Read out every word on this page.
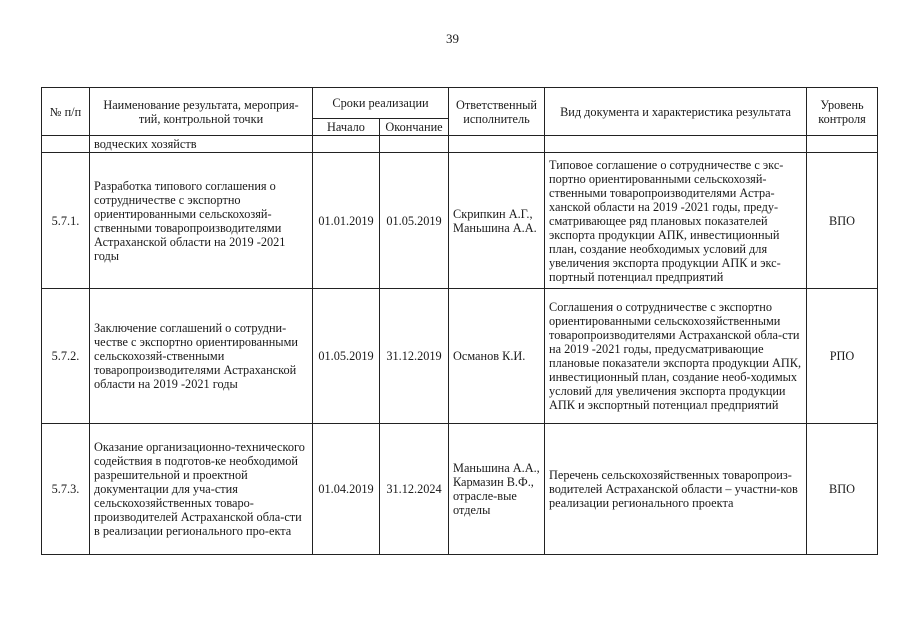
39
№ п/п	Наименование результата, мероприя-тий, контрольной точки	Сроки реализации		Ответственный исполнитель	Вид документа и характеристика результата	Уровень контроля
		Начало	Окончание			
	водческих хозяйств					
5.7.1.	Разработка типового соглашения о сотрудничестве с экспортно ориентированными сельскохозяй-ственными товаропроизводителями Астраханской области на 2019 -2021 годы	01.01.2019	01.05.2019	Скрипкин А.Г., Маньшина А.А.	Типовое соглашение о сотрудничестве с экс-портно ориентированными сельскохозяй-ственными товаропроизводителями Астра-ханской области на 2019 -2021 годы, преду-сматривающее ряд плановых показателей экспорта продукции АПК, инвестиционный план, создание необходимых условий для увеличения экспорта продукции АПК и экс-портный потенциал предприятий	ВПО
5.7.2.	Заключение соглашений о сотрудни-честве с экспортно ориентированными сельскохозяй-ственными товаропроизводителями Астраханской области на 2019 -2021 годы	01.05.2019	31.12.2019	Османов К.И.	Соглашения о сотрудничестве с экспортно ориентированными сельскохозяйственными товаропроизводителями Астраханской обла-сти на 2019 -2021 годы, предусматривающие плановые показатели экспорта продукции АПК, инвестиционный план, создание необ-ходимых условий для увеличения экспорта продукции АПК и экспортный потенциал предприятий	РПО
5.7.3.	Оказание организационно-технического содействия в подготов-ке необходимой разрешительной и проектной документации для уча-стия сельскохозяйственных товаро-производителей Астраханской обла-сти в реализации регионального про-екта	01.04.2019	31.12.2024	Маньшина А.А., Кармазин В.Ф., отрасле-вые отделы	Перечень сельскохозяйственных товаропроиз-водителей Астраханской области – участни-ков реализации регионального проекта	ВПО
